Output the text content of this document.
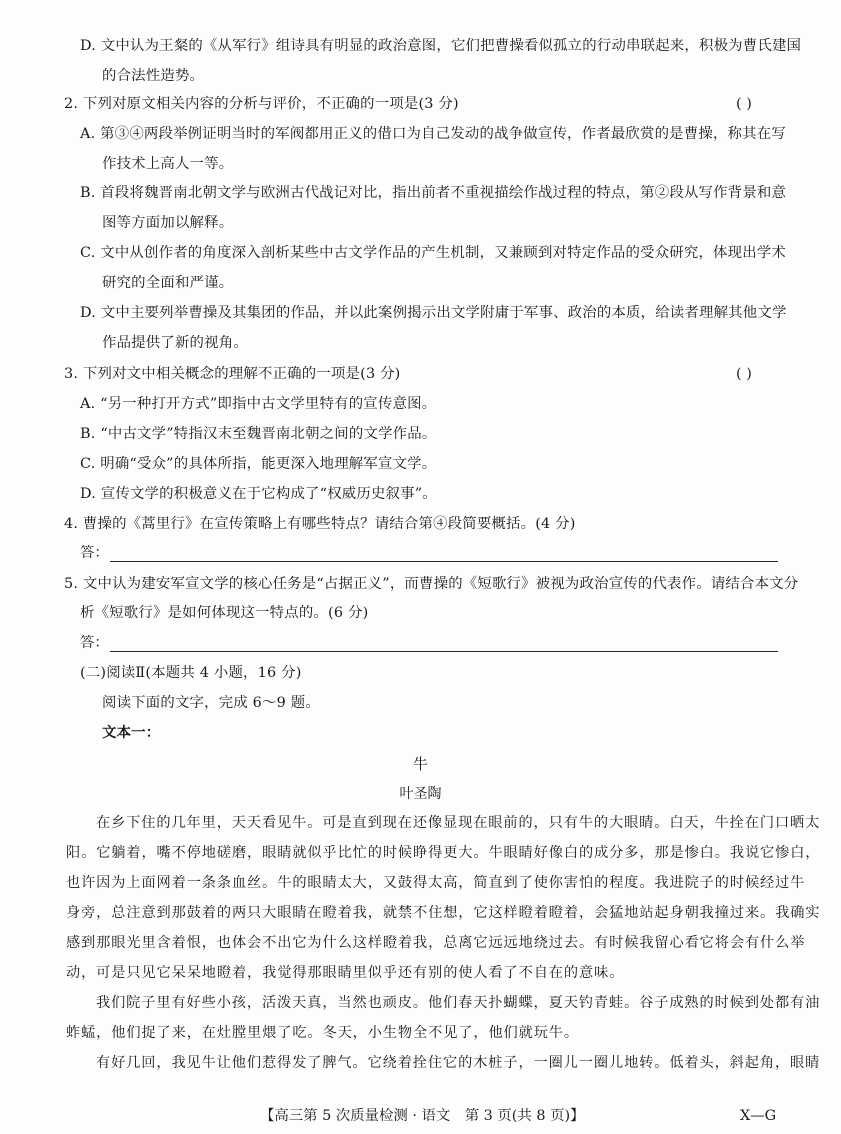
D. 文中认为王粲的《从军行》组诗具有明显的政治意图，它们把曹操看似孤立的行动串联起来，积极为曹氏建国
的合法性造势。
2. 下列对原文相关内容的分析与评价，不正确的一项是(3 分)	( )
A. 第③④两段举例证明当时的军阀都用正义的借口为自己发动的战争做宣传，作者最欣赏的是曹操，称其在写
作技术上高人一等。
B. 首段将魏晋南北朝文学与欧洲古代战记对比，指出前者不重视描绘作战过程的特点，第②段从写作背景和意
图等方面加以解释。
C. 文中从创作者的角度深入剖析某些中古文学作品的产生机制，又兼顾到对特定作品的受众研究，体现出学术
研究的全面和严谨。
D. 文中主要列举曹操及其集团的作品，并以此案例揭示出文学附庸于军事、政治的本质，给读者理解其他文学
作品提供了新的视角。
3. 下列对文中相关概念的理解不正确的一项是(3 分)	( )
A. “另一种打开方式”即指中古文学里特有的宣传意图。
B. “中古文学”特指汉末至魏晋南北朝之间的文学作品。
C. 明确“受众”的具体所指，能更深入地理解军宣文学。
D. 宣传文学的积极意义在于它构成了“权威历史叙事”。
4. 曹操的《蒿里行》在宣传策略上有哪些特点？请结合第④段简要概括。(4 分)
答：
5. 文中认为建安军宣文学的核心任务是“占据正义”，而曹操的《短歌行》被视为政治宣传的代表作。请结合本文分
析《短歌行》是如何体现这一特点的。(6 分)
答：
(二)阅读Ⅱ(本题共 4 小题，16 分)
阅读下面的文字，完成 6～9 题。
文本一：
牛
叶圣陶
在乡下住的几年里，天天看见牛。可是直到现在还像显现在眼前的，只有牛的大眼睛。白天，牛拴在门口晒太
阳。它躺着，嘴不停地磋磨，眼睛就似乎比忙的时候睁得更大。牛眼睛好像白的成分多，那是惨白。我说它惨白，
也许因为上面网着一条条血丝。牛的眼睛太大，又鼓得太高，简直到了使你害怕的程度。我进院子的时候经过牛
身旁，总注意到那鼓着的两只大眼睛在瞪着我，就禁不住想，它这样瞪着瞪着，会猛地站起身朝我撞过来。我确实
感到那眼光里含着恨，也体会不出它为什么这样瞪着我，总离它远远地绕过去。有时候我留心看它将会有什么举
动，可是只见它呆呆地瞪着，我觉得那眼睛里似乎还有别的使人看了不自在的意味。
我们院子里有好些小孩，活泼天真，当然也顽皮。他们春天扑蝴蝶，夏天钓青蛙。谷子成熟的时候到处都有油
蚱蜢，他们捉了来，在灶膛里煨了吃。冬天，小生物全不见了，他们就玩牛。
有好几回，我见牛让他们惹得发了脾气。它绕着拴住它的木桩子，一圈儿一圈儿地转。低着头，斜起角，眼睛
【高三第 5 次质量检测 · 语文　第 3 页(共 8 页)】	X—G
